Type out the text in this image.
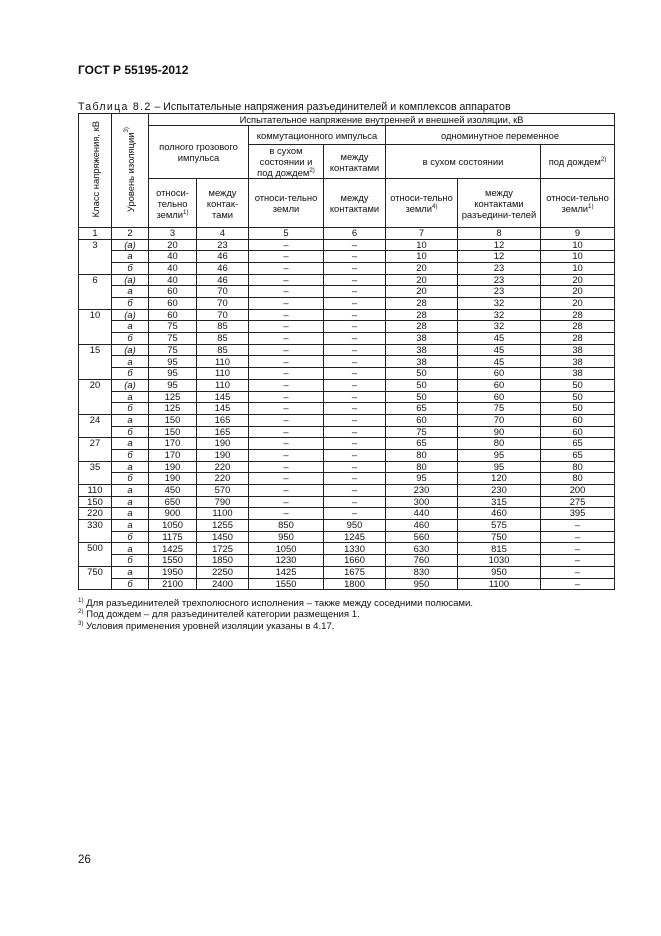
ГОСТ Р 55195-2012
Таблица 8.2 – Испытательные напряжения разъединителей и комплексов аппаратов
Класс напряжения, кВ	Уровень изоляции$^{3)}$	Испытательное напряжение внутренней и внешней изоляции, кВ						
		полного грозового импульса		коммутационного импульса		одноминутное переменное		
				в сухом состоянии и под дождем$^{2)}$	между контактами	в сухом состоянии		под дождем$^{2)}$
		относи-тельно земли$^{1)}$	между контак-тами	относи-тельно земли	между контактами	относи-тельно земли$^{4)}$	между контактами разъедини-телей	относи-тельно земли$^{1)}$
1	2	3	4	5	6	7	8	9
3	(а)	20	23	–	–	10	12	10
	а	40	46	–	–	10	12	10
	б	40	46	–	–	20	23	10
6	(а)	40	46	–	–	20	23	20
	а	60	70	–	–	20	23	20
	б	60	70	–	–	28	32	20
10	(а)	60	70	–	–	28	32	28
	а	75	85	–	–	28	32	28
	б	75	85	–	–	38	45	28
15	(а)	75	85	–	–	38	45	38
	а	95	110	–	–	38	45	38
	б	95	110	–	–	50	60	38
20	(а)	95	110	–	–	50	60	50
	а	125	145	–	–	50	60	50
	б	125	145	–	–	65	75	50
24	а	150	165	–	–	60	70	60
	б	150	165	–	–	75	90	60
27	а	170	190	–	–	65	80	65
	б	170	190	–	–	80	95	65
35	а	190	220	–	–	80	95	80
	б	190	220	–	–	95	120	80
110	а	450	570	–	–	230	230	200
150	а	650	790	–	–	300	315	275
220	а	900	1100	–	–	440	460	395
330	а	1050	1255	850	950	460	575	–
	б	1175	1450	950	1245	560	750	–
500	а	1425	1725	1050	1330	630	815	–
	б	1550	1850	1230	1660	760	1030	–
750	а	1950	2250	1425	1675	830	950	–
	б	2100	2400	1550	1800	950	1100	–
$^{1)}$ Для разъединителей трехполюсного исполнения – также между соседними полюсами.
$^{2)}$ Под дождем – для разъединителей категории размещения 1.
$^{3)}$ Условия применения уровней изоляции указаны в 4.17.
26
